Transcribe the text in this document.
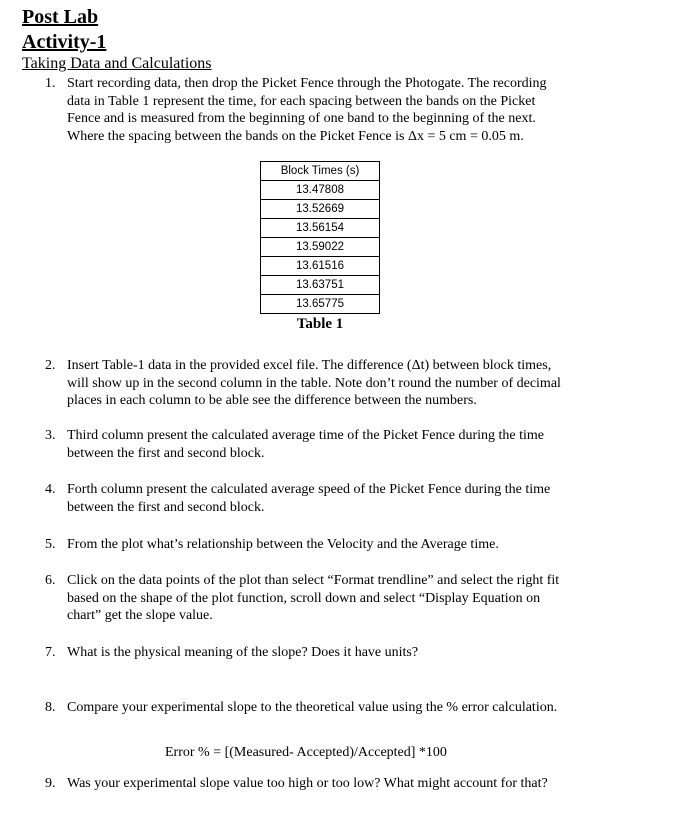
Post Lab
Activity-1
Taking Data and Calculations
1. Start recording data, then drop the Picket Fence through the Photogate. The recording
data in Table 1 represent the time, for each spacing between the bands on the Picket
Fence and is measured from the beginning of one band to the beginning of the next.
Where the spacing between the bands on the Picket Fence is Δx = 5 cm = 0.05 m.
Block Times (s)
13.47808
13.52669
13.56154
13.59022
13.61516
13.63751
13.65775
Table 1
2. Insert Table-1 data in the provided excel file. The difference (Δt) between block times,
will show up in the second column in the table. Note don’t round the number of decimal
places in each column to be able see the difference between the numbers.
3. Third column present the calculated average time of the Picket Fence during the time
between the first and second block.
4. Forth column present the calculated average speed of the Picket Fence during the time
between the first and second block.
5. From the plot what’s relationship between the Velocity and the Average time.
6. Click on the data points of the plot than select “Format trendline” and select the right fit
based on the shape of the plot function, scroll down and select “Display Equation on
chart” get the slope value.
7. What is the physical meaning of the slope? Does it have units?
8. Compare your experimental slope to the theoretical value using the % error calculation.
Error % = [(Measured- Accepted)/Accepted] *100
9. Was your experimental slope value too high or too low? What might account for that?
